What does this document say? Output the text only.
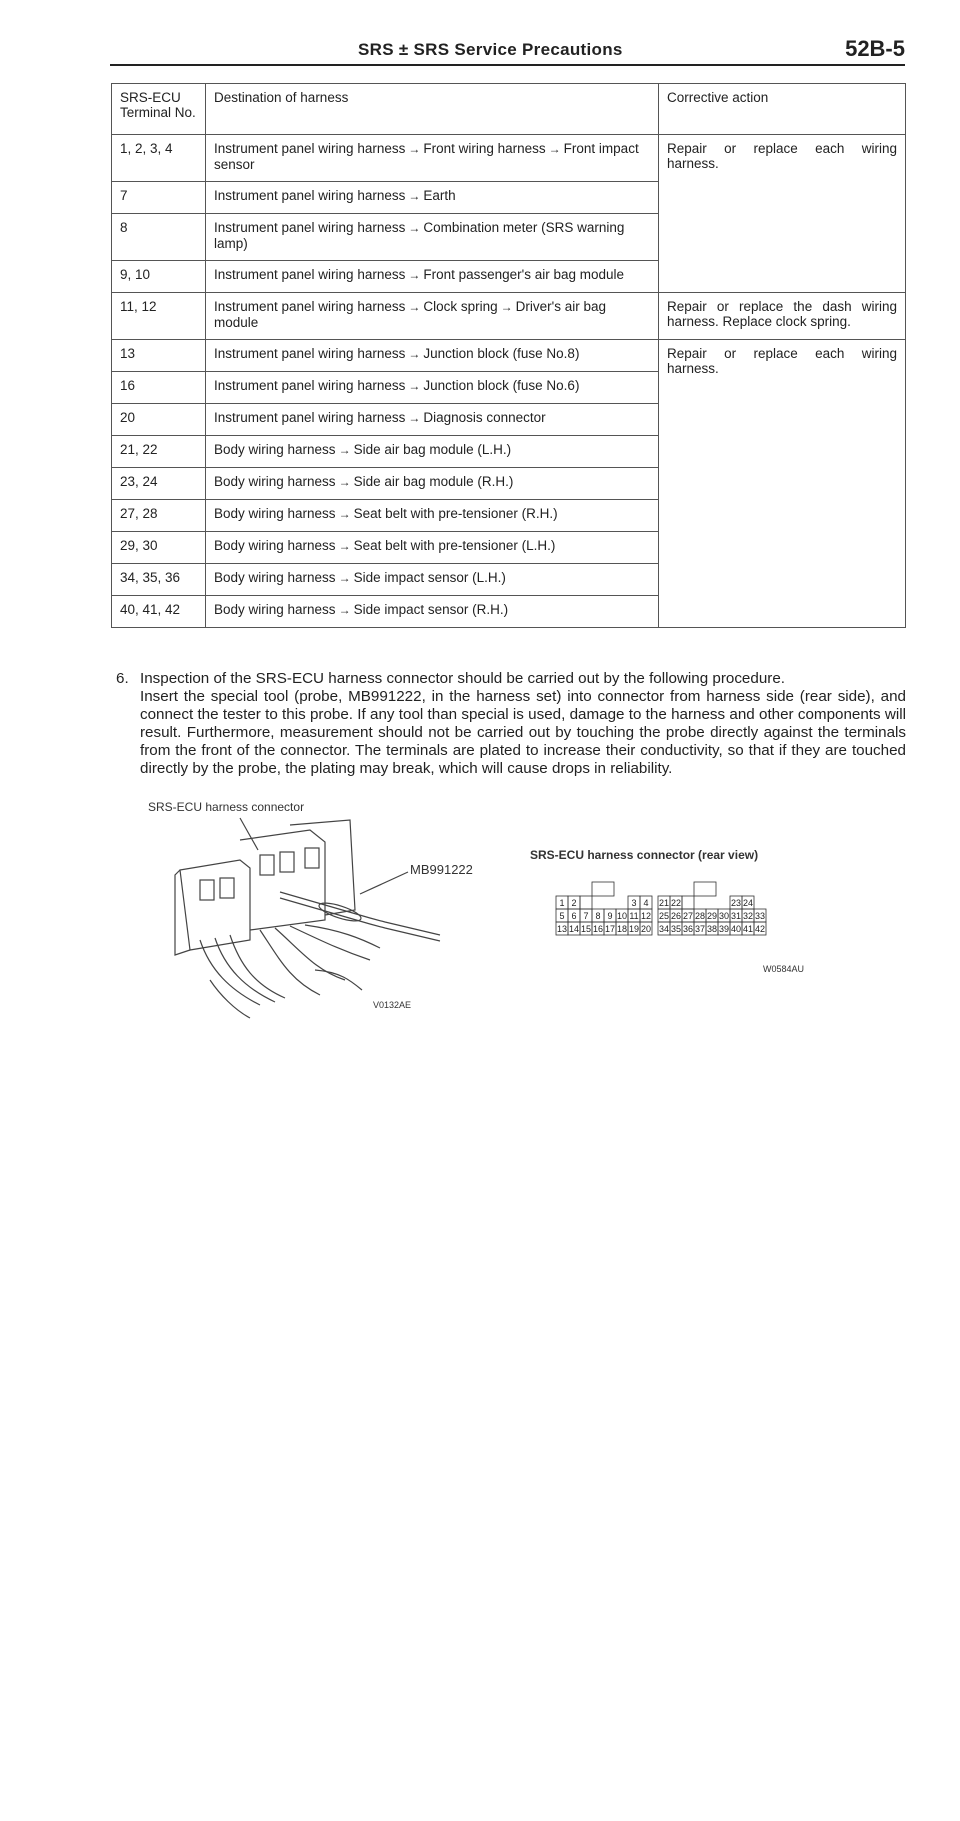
SRS ± SRS Service Precautions	52B-5
SRS-ECU Terminal No.	Destination of harness	Corrective action
1, 2, 3, 4	Instrument panel wiring harness → Front wiring harness → Front impact sensor	Repair or replace each wiring harness.
7	Instrument panel wiring harness → Earth	
8	Instrument panel wiring harness → Combination meter (SRS warning lamp)	
9, 10	Instrument panel wiring harness → Front passenger's air bag module	
11, 12	Instrument panel wiring harness → Clock spring → Driver's air bag module	Repair or replace the dash wiring harness. Replace clock spring.
13	Instrument panel wiring harness → Junction block (fuse No.8)	Repair or replace each wiring harness.
16	Instrument panel wiring harness → Junction block (fuse No.6)	
20	Instrument panel wiring harness → Diagnosis connector	
21, 22	Body wiring harness → Side air bag module (L.H.)	
23, 24	Body wiring harness → Side air bag module (R.H.)	
27, 28	Body wiring harness → Seat belt with pre-tensioner (R.H.)	
29, 30	Body wiring harness → Seat belt with pre-tensioner (L.H.)	
34, 35, 36	Body wiring harness → Side impact sensor (L.H.)	
40, 41, 42	Body wiring harness → Side impact sensor (R.H.)	
6. Inspection of the SRS-ECU harness connector should be carried out by the following procedure.
Insert the special tool (probe, MB991222, in the harness set) into connector from harness side (rear side), and connect the tester to this probe. If any tool than special is used, damage to the harness and other components will result. Furthermore, measurement should not be carried out by touching the probe directly against the terminals from the front of the connector. The terminals are plated to increase their conductivity, so that if they are touched directly by the probe, the plating may break, which will cause drops in reliability.
SRS-ECU harness connector
MB991222
V0132AE
SRS-ECU harness connector (rear view)
1 2	3 4
5 6 7 8 9 10 11 12
13 14 15 16 17 18 19 20
21 22	23 24
25 26 27 28 29 30 31 32 33
34 35 36 37 38 39 40 41 42
W0584AU
